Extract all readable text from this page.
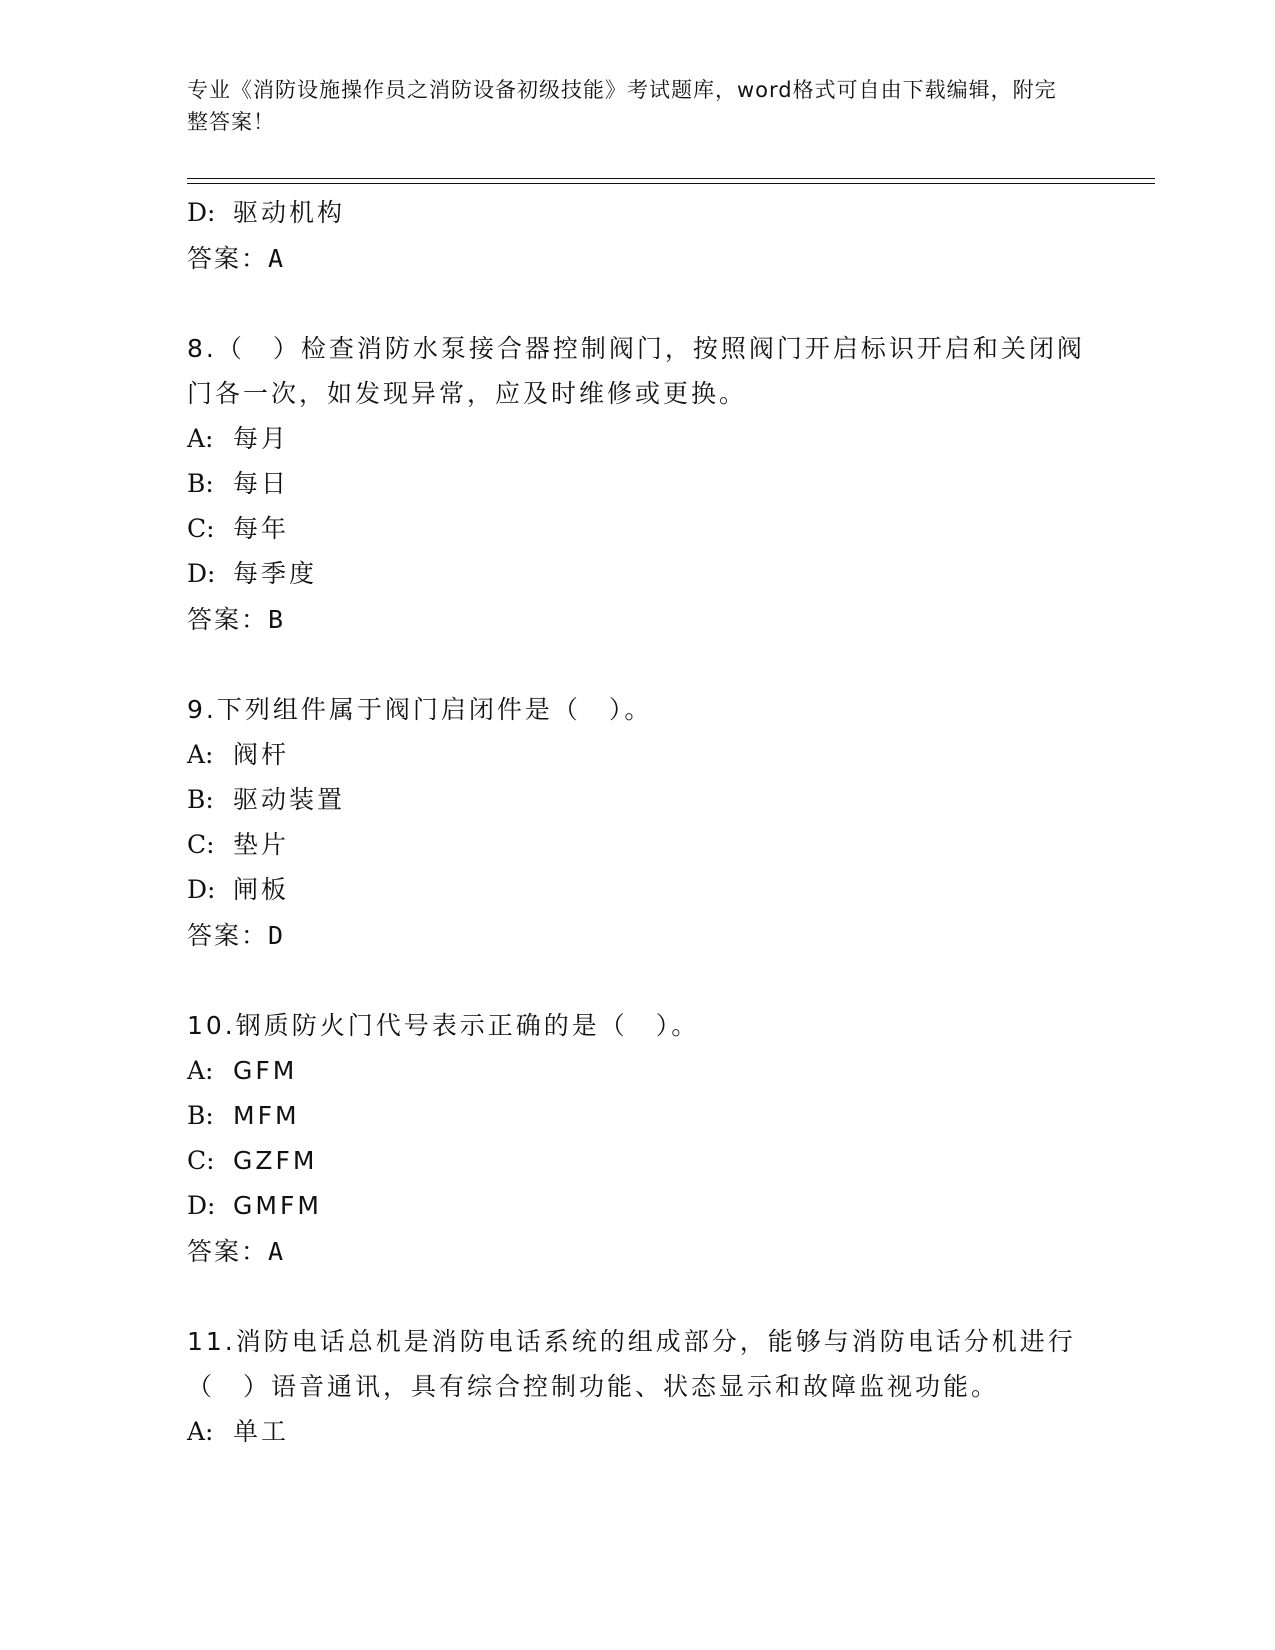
专业《消防设施操作员之消防设备初级技能》考试题库，word格式可自由下载编辑，附完整答案！
D: 驱动机构
答案：A
8.（　）检查消防水泵接合器控制阀门，按照阀门开启标识开启和关闭阀门各一次，如发现异常，应及时维修或更换。
A: 每月
B: 每日
C: 每年
D: 每季度
答案：B
9.下列组件属于阀门启闭件是（　）。
A: 阀杆
B: 驱动装置
C: 垫片
D: 闸板
答案：D
10.钢质防火门代号表示正确的是（　）。
A: GFM
B: MFM
C: GZFM
D: GMFM
答案：A
11.消防电话总机是消防电话系统的组成部分，能够与消防电话分机进行（　）语音通讯，具有综合控制功能、状态显示和故障监视功能。
A: 单工
